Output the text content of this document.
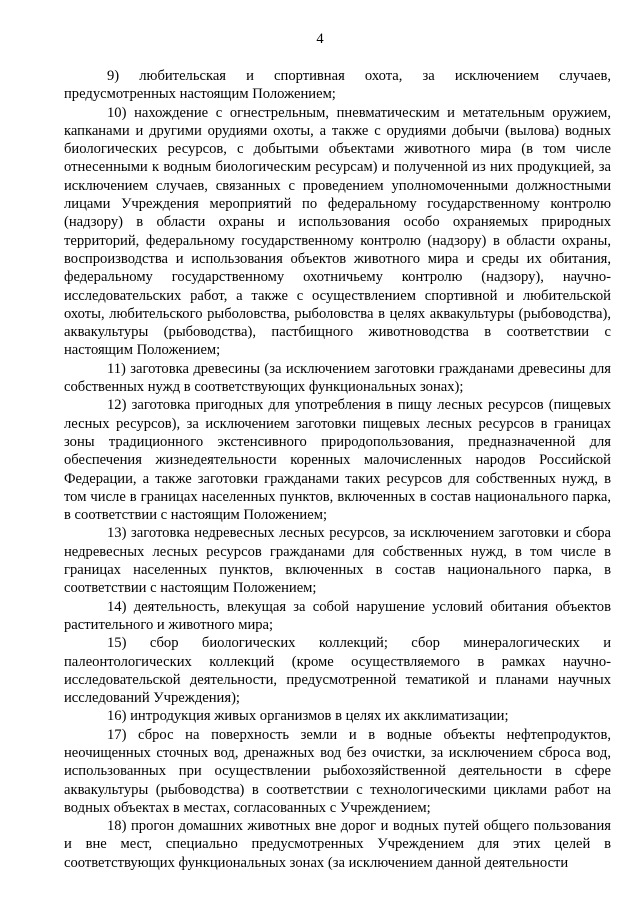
4

9) любительская и спортивная охота, за исключением случаев, предусмотренных настоящим Положением;

10) нахождение с огнестрельным, пневматическим и метательным оружием, капканами и другими орудиями охоты, а также с орудиями добычи (вылова) водных биологических ресурсов, с добытыми объектами животного мира (в том числе отнесенными к водным биологическим ресурсам) и полученной из них продукцией, за исключением случаев, связанных с проведением уполномоченными должностными лицами Учреждения мероприятий по федеральному государственному контролю (надзору) в области охраны и использования особо охраняемых природных территорий, федеральному государственному контролю (надзору) в области охраны, воспроизводства и использования объектов животного мира и среды их обитания, федеральному государственному охотничьему контролю (надзору), научно-исследовательских работ, а также с осуществлением спортивной и любительской охоты, любительского рыболовства, рыболовства в целях аквакультуры (рыбоводства), аквакультуры (рыбоводства), пастбищного животноводства в соответствии с настоящим Положением;

11) заготовка древесины (за исключением заготовки гражданами древесины для собственных нужд в соответствующих функциональных зонах);

12) заготовка пригодных для употребления в пищу лесных ресурсов (пищевых лесных ресурсов), за исключением заготовки пищевых лесных ресурсов в границах зоны традиционного экстенсивного природопользования, предназначенной для обеспечения жизнедеятельности коренных малочисленных народов Российской Федерации, а также заготовки гражданами таких ресурсов для собственных нужд, в том числе в границах населенных пунктов, включенных в состав национального парка, в соответствии с настоящим Положением;

13) заготовка недревесных лесных ресурсов, за исключением заготовки и сбора недревесных лесных ресурсов гражданами для собственных нужд, в том числе в границах населенных пунктов, включенных в состав национального парка, в соответствии с настоящим Положением;

14) деятельность, влекущая за собой нарушение условий обитания объектов растительного и животного мира;

15) сбор биологических коллекций; сбор минералогических и палеонтологических коллекций (кроме осуществляемого в рамках научно-исследовательской деятельности, предусмотренной тематикой и планами научных исследований Учреждения);

16) интродукция живых организмов в целях их акклиматизации;

17) сброс на поверхность земли и в водные объекты нефтепродуктов, неочищенных сточных вод, дренажных вод без очистки, за исключением сброса вод, использованных при осуществлении рыбохозяйственной деятельности в сфере аквакультуры (рыбоводства) в соответствии с технологическими циклами работ на водных объектах в местах, согласованных с Учреждением;

18) прогон домашних животных вне дорог и водных путей общего пользования и вне мест, специально предусмотренных Учреждением для этих целей в соответствующих функциональных зонах (за исключением данной деятельности
